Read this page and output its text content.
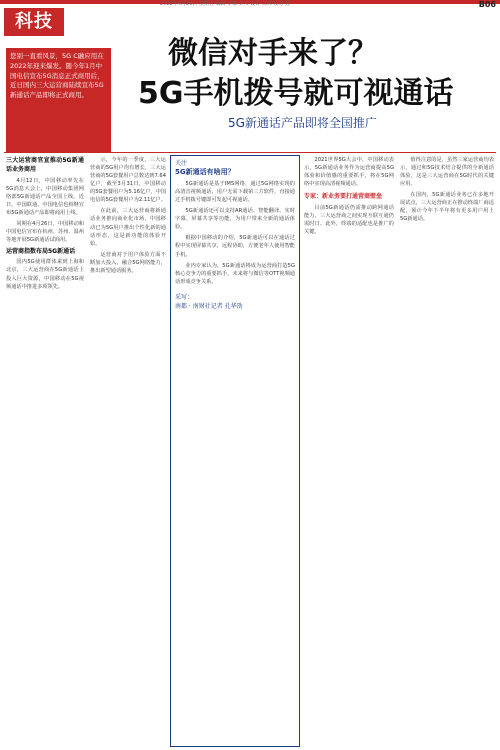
2022年4月29日 星期五 编辑 李娜 美术 设计 刘林 校对 孙	B06
科技
您别一直看风景，5G C融应用在2022年迎来爆发。随今年1月中国电信宣布5G消息正式商用后，近日国内三大运营商陆续宣布5G新通话产品即将正式商用。
微信对手来了？
5G手机拨号就可视通话
5G新通话产品即将全国推广
三大运营商官宣推动5G新通话业务商用

4月12日，中国移动率先在5G消息大会上，中国移动集团网络部5G新通话产品全国上线。近日，中国联通、中国电信也相继宣布5G新通话产品即将商用上线。

同期在4月26日，中国移动和中国电信宣布在杭州、苏州、温州等地开展5G新通话试商用。

运营商指数布局5G新通话

国内5G使用群体来到上海和北京，三大运营商在5G新通话上投入巨大资源，中国移动在5G视频通话中推进多项领先。

示，今年的一季度，三大运营商的5G用户均有增长，三大运营商的5G套餐用户总数达到7.64亿户，截至3月31日，中国移动的5G套餐用户为5.16亿户，中国电信的5G套餐用户为2.11亿户。

在此前，三大运营商将新通话业务推向商业化市场，中国移动已为5G用户推出个性化新的通话形态，这是新功能的体验开始。

运营商对于用户体验方面不断加大投入，融合5G网络能力，推出新型通话服务。

关注
5G新通话有啥用？

5G新通话是基于IMS网络，通过5G网络实现的高清音视频通话，用户无需下载第三方软件，直接通过手机拨号键即可发起可视通话。

5G新通话还可以支持AR通话、智能翻译、实时字幕、屏幕共享等功能，为用户带来全新的通话体验。

根据中国移动的介绍，5G新通话可以在通话过程中实现屏幕共享，远程协助，方便老年人使用智能手机。

业内专家认为，5G新通话将成为运营商打造5G核心竞争力的重要抓手，未来将与微信等OTT视频通话形成竞争关系。

采写：
南都 · 南财社记者 孔华劭

2021世界5G大会中，中国移动表示，5G新通话业务作为运营商提高5G体验和价值感的重要抓手，将在5G网络中实现高清视频通话。

专家：新业务要打通营商壁垒

目前5G新通话仍需推动跨网通话能力，三大运营商之间实现互联互通仍需时日。此外，终端的适配也是推广的关键。

值得注意的是，虽然三家运营商均表示，通过和5G技术结合提供的全新通话体验，这是三大运营商在5G时代的关键应用。

在国内，5G新通话业务已在多地开展试点，三大运营商正在推动终端厂商适配，预计今年下半年将有更多用户用上5G新通话。
